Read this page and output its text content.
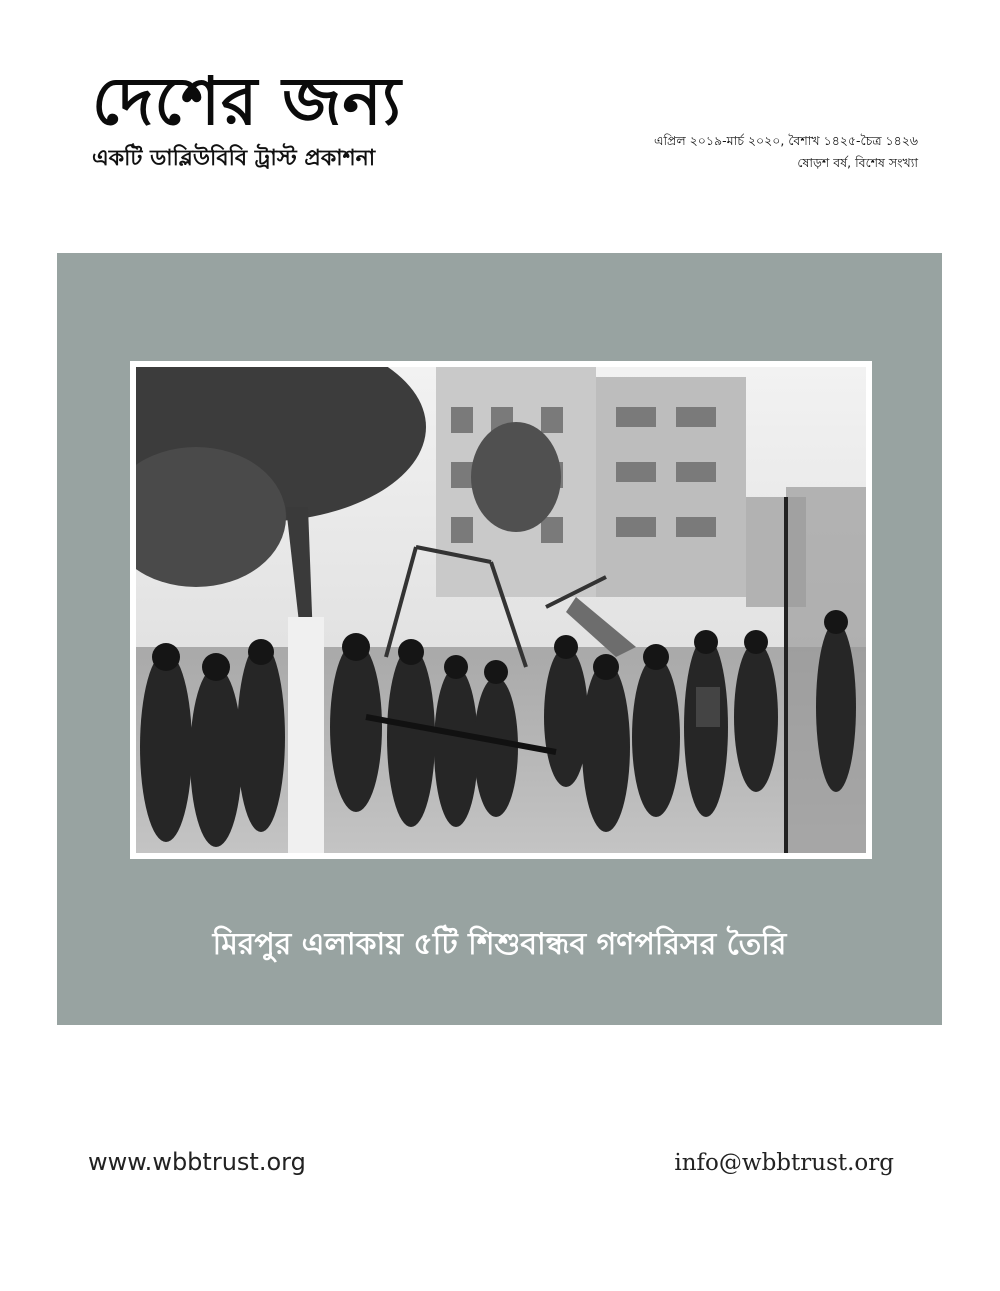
দেশের জন্য
একটি ডাব্লিউবিবি ট্রাস্ট প্রকাশনা
এপ্রিল ২০১৯-মার্চ ২০২০, বৈশাখ ১৪২৫-চৈত্র ১৪২৬
ষোড়শ বর্ষ, বিশেষ সংখ্যা
মিরপুর এলাকায় ৫টি শিশুবান্ধব গণপরিসর তৈরি
www.wbbtrust.org	info@wbbtrust.org
